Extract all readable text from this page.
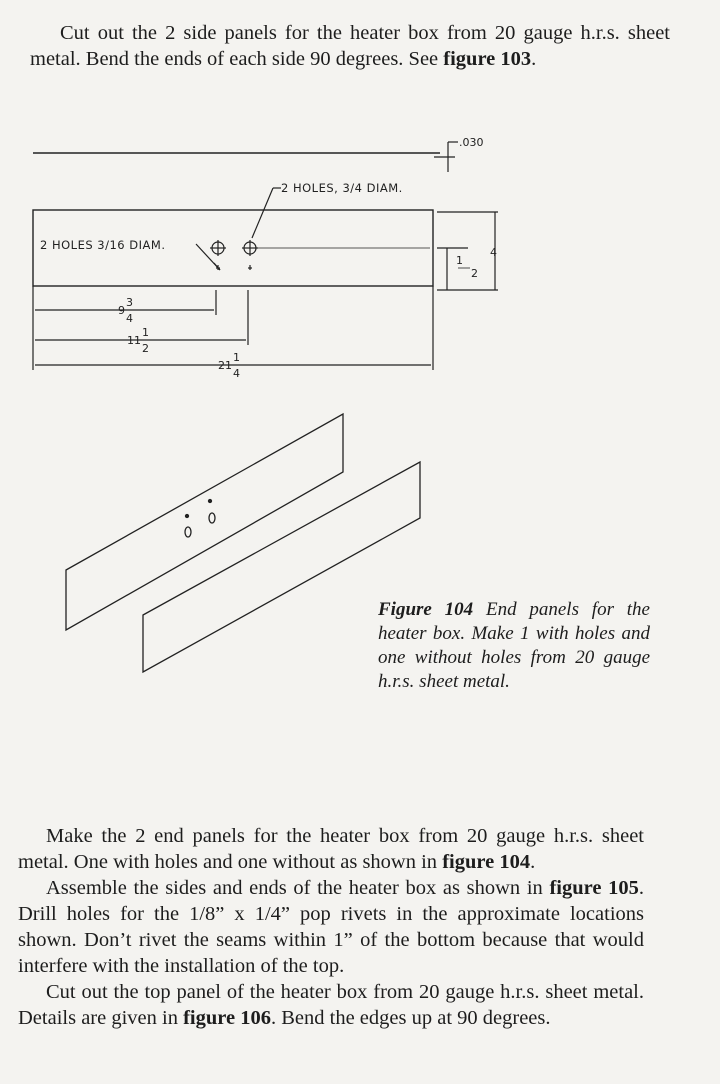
Cut out the 2 side panels for the heater box from 20 gauge h.r.s. sheet metal. Bend the ends of each side 90 degrees. See figure 103.

.030
2 HOLES, 3/4 DIAM.
2 HOLES 3/16 DIAM.
4
1
2
9
3
4
11
1
2
21
1
4
Figure 104 End panels for the heater box. Make 1 with holes and one without holes from 20 gauge h.r.s. sheet metal.
Make the 2 end panels for the heater box from 20 gauge h.r.s. sheet metal. One with holes and one without as shown in figure 104.
Assemble the sides and ends of the heater box as shown in figure 105. Drill holes for the 1/8” x 1/4” pop rivets in the approximate locations shown. Don’t rivet the seams within 1” of the bottom because that would interfere with the installation of the top.
Cut out the top panel of the heater box from 20 gauge h.r.s. sheet metal. Details are given in figure 106. Bend the edges up at 90 degrees.
